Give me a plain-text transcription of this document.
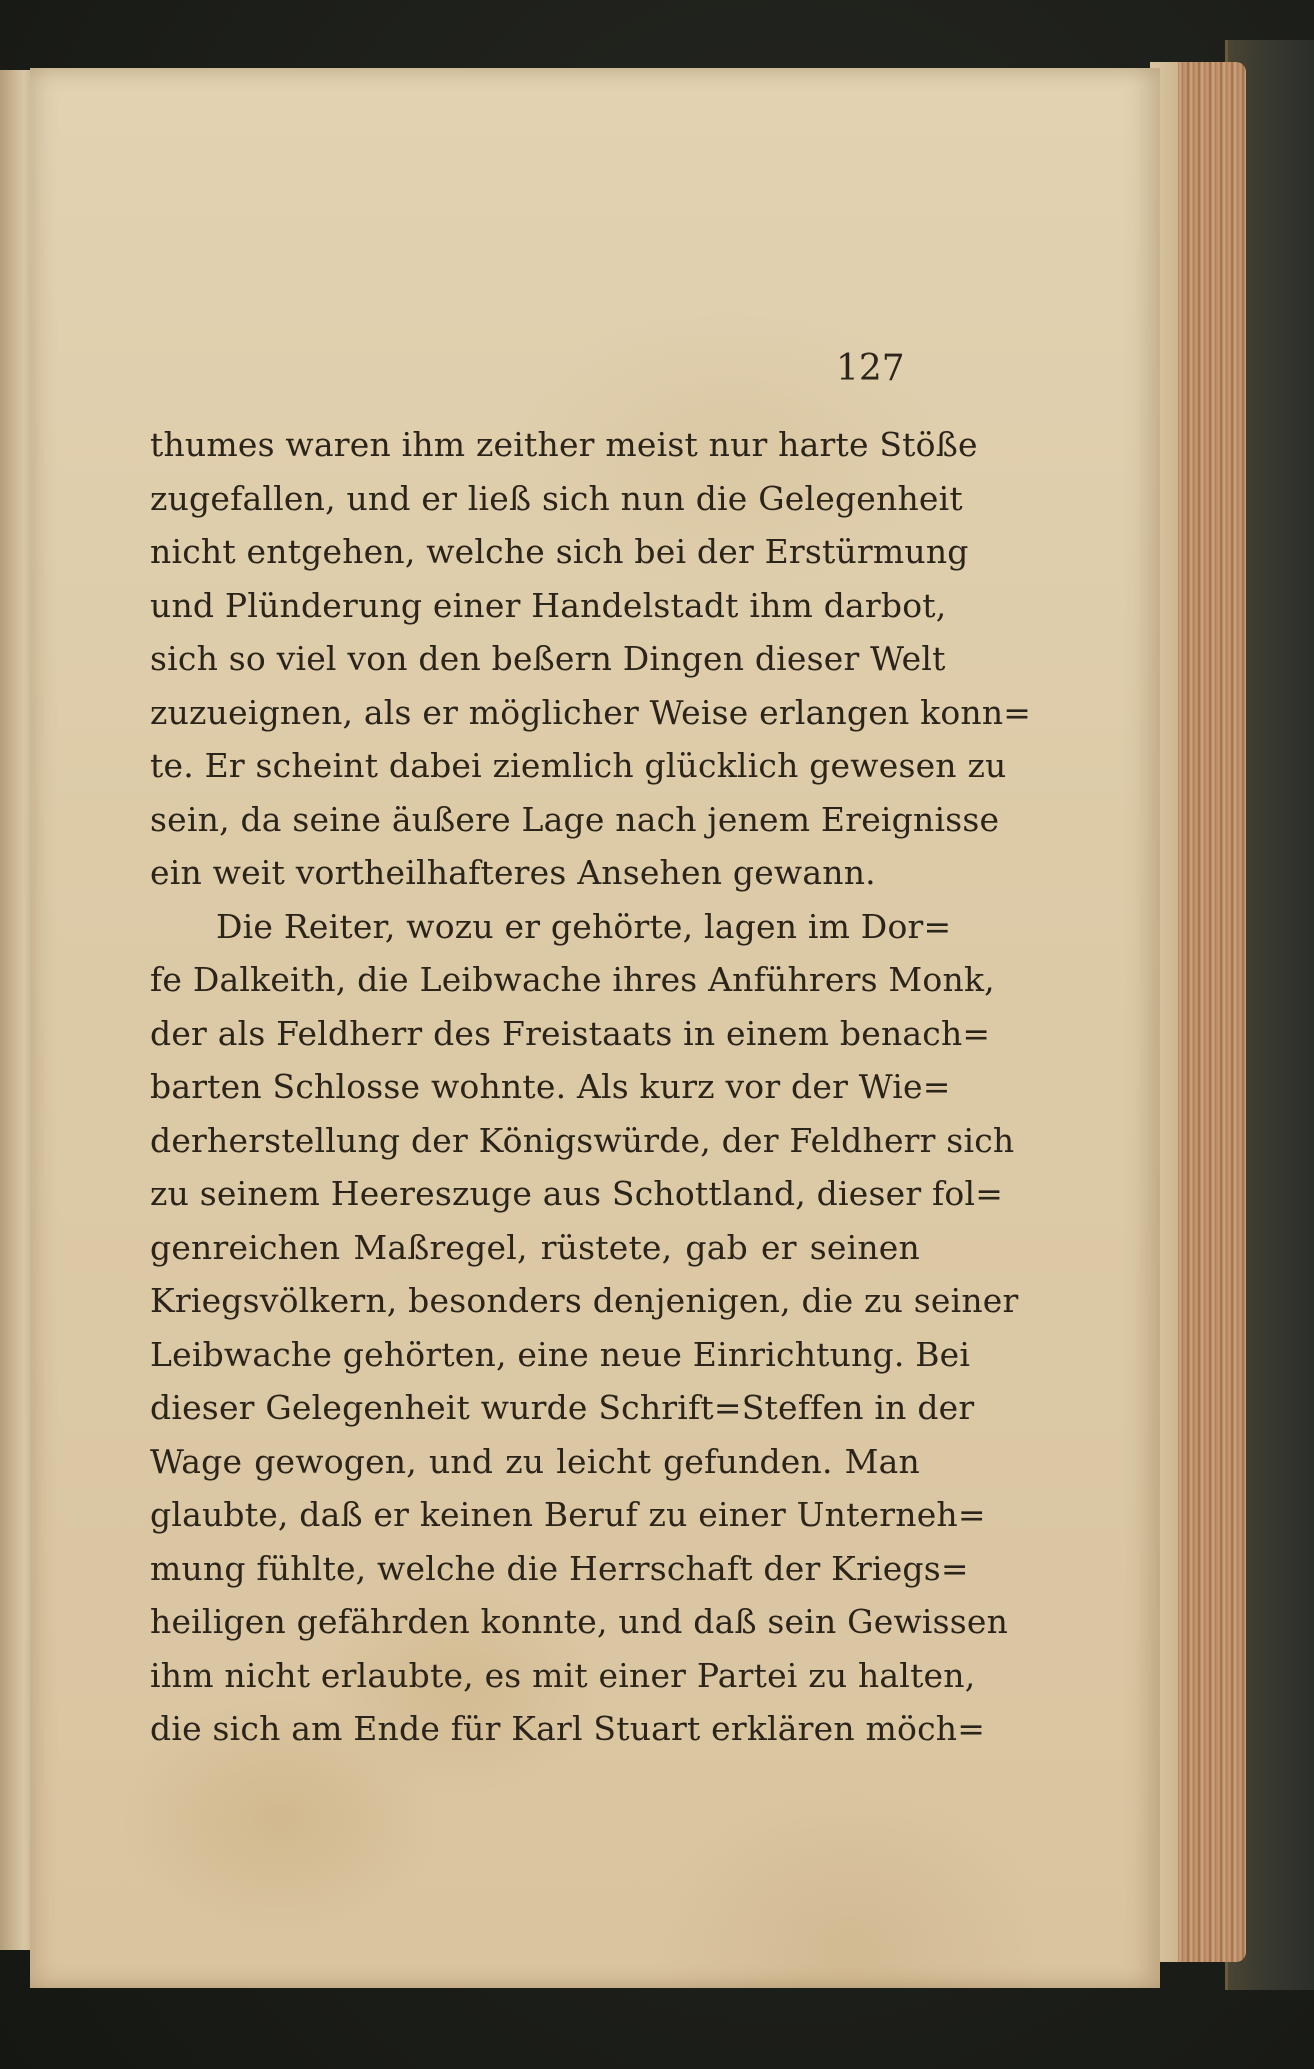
127
thumes waren ihm zeither meist nur harte Stöße
zugefallen, und er ließ sich nun die Gelegenheit
nicht entgehen, welche sich bei der Erstürmung
und Plünderung einer Handelstadt ihm darbot,
sich so viel von den beßern Dingen dieser Welt
zuzueignen, als er möglicher Weise erlangen konn=
te. Er scheint dabei ziemlich glücklich gewesen zu
sein, da seine äußere Lage nach jenem Ereignisse
ein weit vortheilhafteres Ansehen gewann.
Die Reiter, wozu er gehörte, lagen im Dor=
fe Dalkeith, die Leibwache ihres Anführers Monk,
der als Feldherr des Freistaats in einem benach=
barten Schlosse wohnte. Als kurz vor der Wie=
derherstellung der Königswürde, der Feldherr sich
zu seinem Heereszuge aus Schottland, dieser fol=
genreichen Maßregel, rüstete, gab er seinen
Kriegsvölkern, besonders denjenigen, die zu seiner
Leibwache gehörten, eine neue Einrichtung. Bei
dieser Gelegenheit wurde Schrift=Steffen in der
Wage gewogen, und zu leicht gefunden. Man
glaubte, daß er keinen Beruf zu einer Unterneh=
mung fühlte, welche die Herrschaft der Kriegs=
heiligen gefährden konnte, und daß sein Gewissen
ihm nicht erlaubte, es mit einer Partei zu halten,
die sich am Ende für Karl Stuart erklären möch=
